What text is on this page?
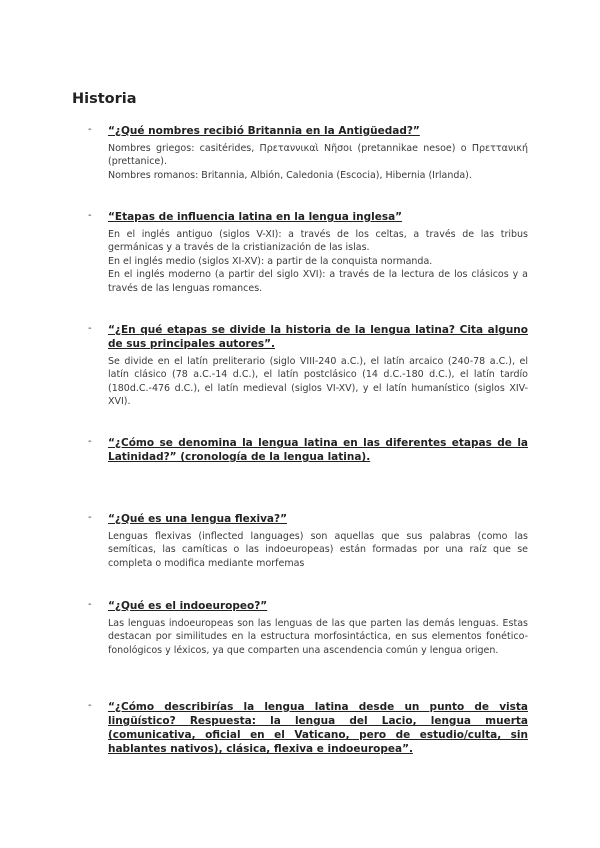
Historia
- “¿Qué nombres recibió Britannia en la Antigüedad?”

Nombres griegos: casitérides, Πρεταννικαὶ Νῆσοι (pretannikae nesoe) o Πρεττανική (prettanice).

Nombres romanos: Britannia, Albión, Caledonia (Escocia), Hibernia (Irlanda).

- “Etapas de influencia latina en la lengua inglesa”

En el inglés antiguo (siglos V-XI): a través de los celtas, a través de las tribus germánicas y a través de la cristianización de las islas.

En el inglés medio (siglos XI-XV): a partir de la conquista normanda.

En el inglés moderno (a partir del siglo XVI): a través de la lectura de los clásicos y a través de las lenguas romances.

- “¿En qué etapas se divide la historia de la lengua latina? Cita alguno de sus principales autores”.

Se divide en el latín preliterario (siglo VIII-240 a.C.), el latín arcaico (240-78 a.C.), el latín clásico (78 a.C.-14 d.C.), el latín postclásico (14 d.C.-180 d.C.), el latín tardío (180d.C.-476 d.C.), el latín medieval (siglos VI-XV), y el latín humanístico (siglos XIV-XVI).

- “¿Cómo se denomina la lengua latina en las diferentes etapas de la Latinidad?” (cronología de la lengua latina).
- “¿Qué es una lengua flexiva?”

Lenguas flexivas (inflected languages) son aquellas que sus palabras (como las semíticas, las camíticas o las indoeuropeas) están formadas por una raíz que se completa o modifica mediante morfemas

- “¿Qué es el indoeuropeo?”

Las lenguas indoeuropeas son las lenguas de las que parten las demás lenguas. Estas destacan por similitudes en la estructura morfosintáctica, en sus elementos fonético-fonológicos y léxicos, ya que comparten una ascendencia común y lengua origen.

- “¿Cómo describirías la lengua latina desde un punto de vista lingüístico? Respuesta: la lengua del Lacio, lengua muerta (comunicativa, oficial en el Vaticano, pero de estudio/culta, sin hablantes nativos), clásica, flexiva e indoeuropea”.
